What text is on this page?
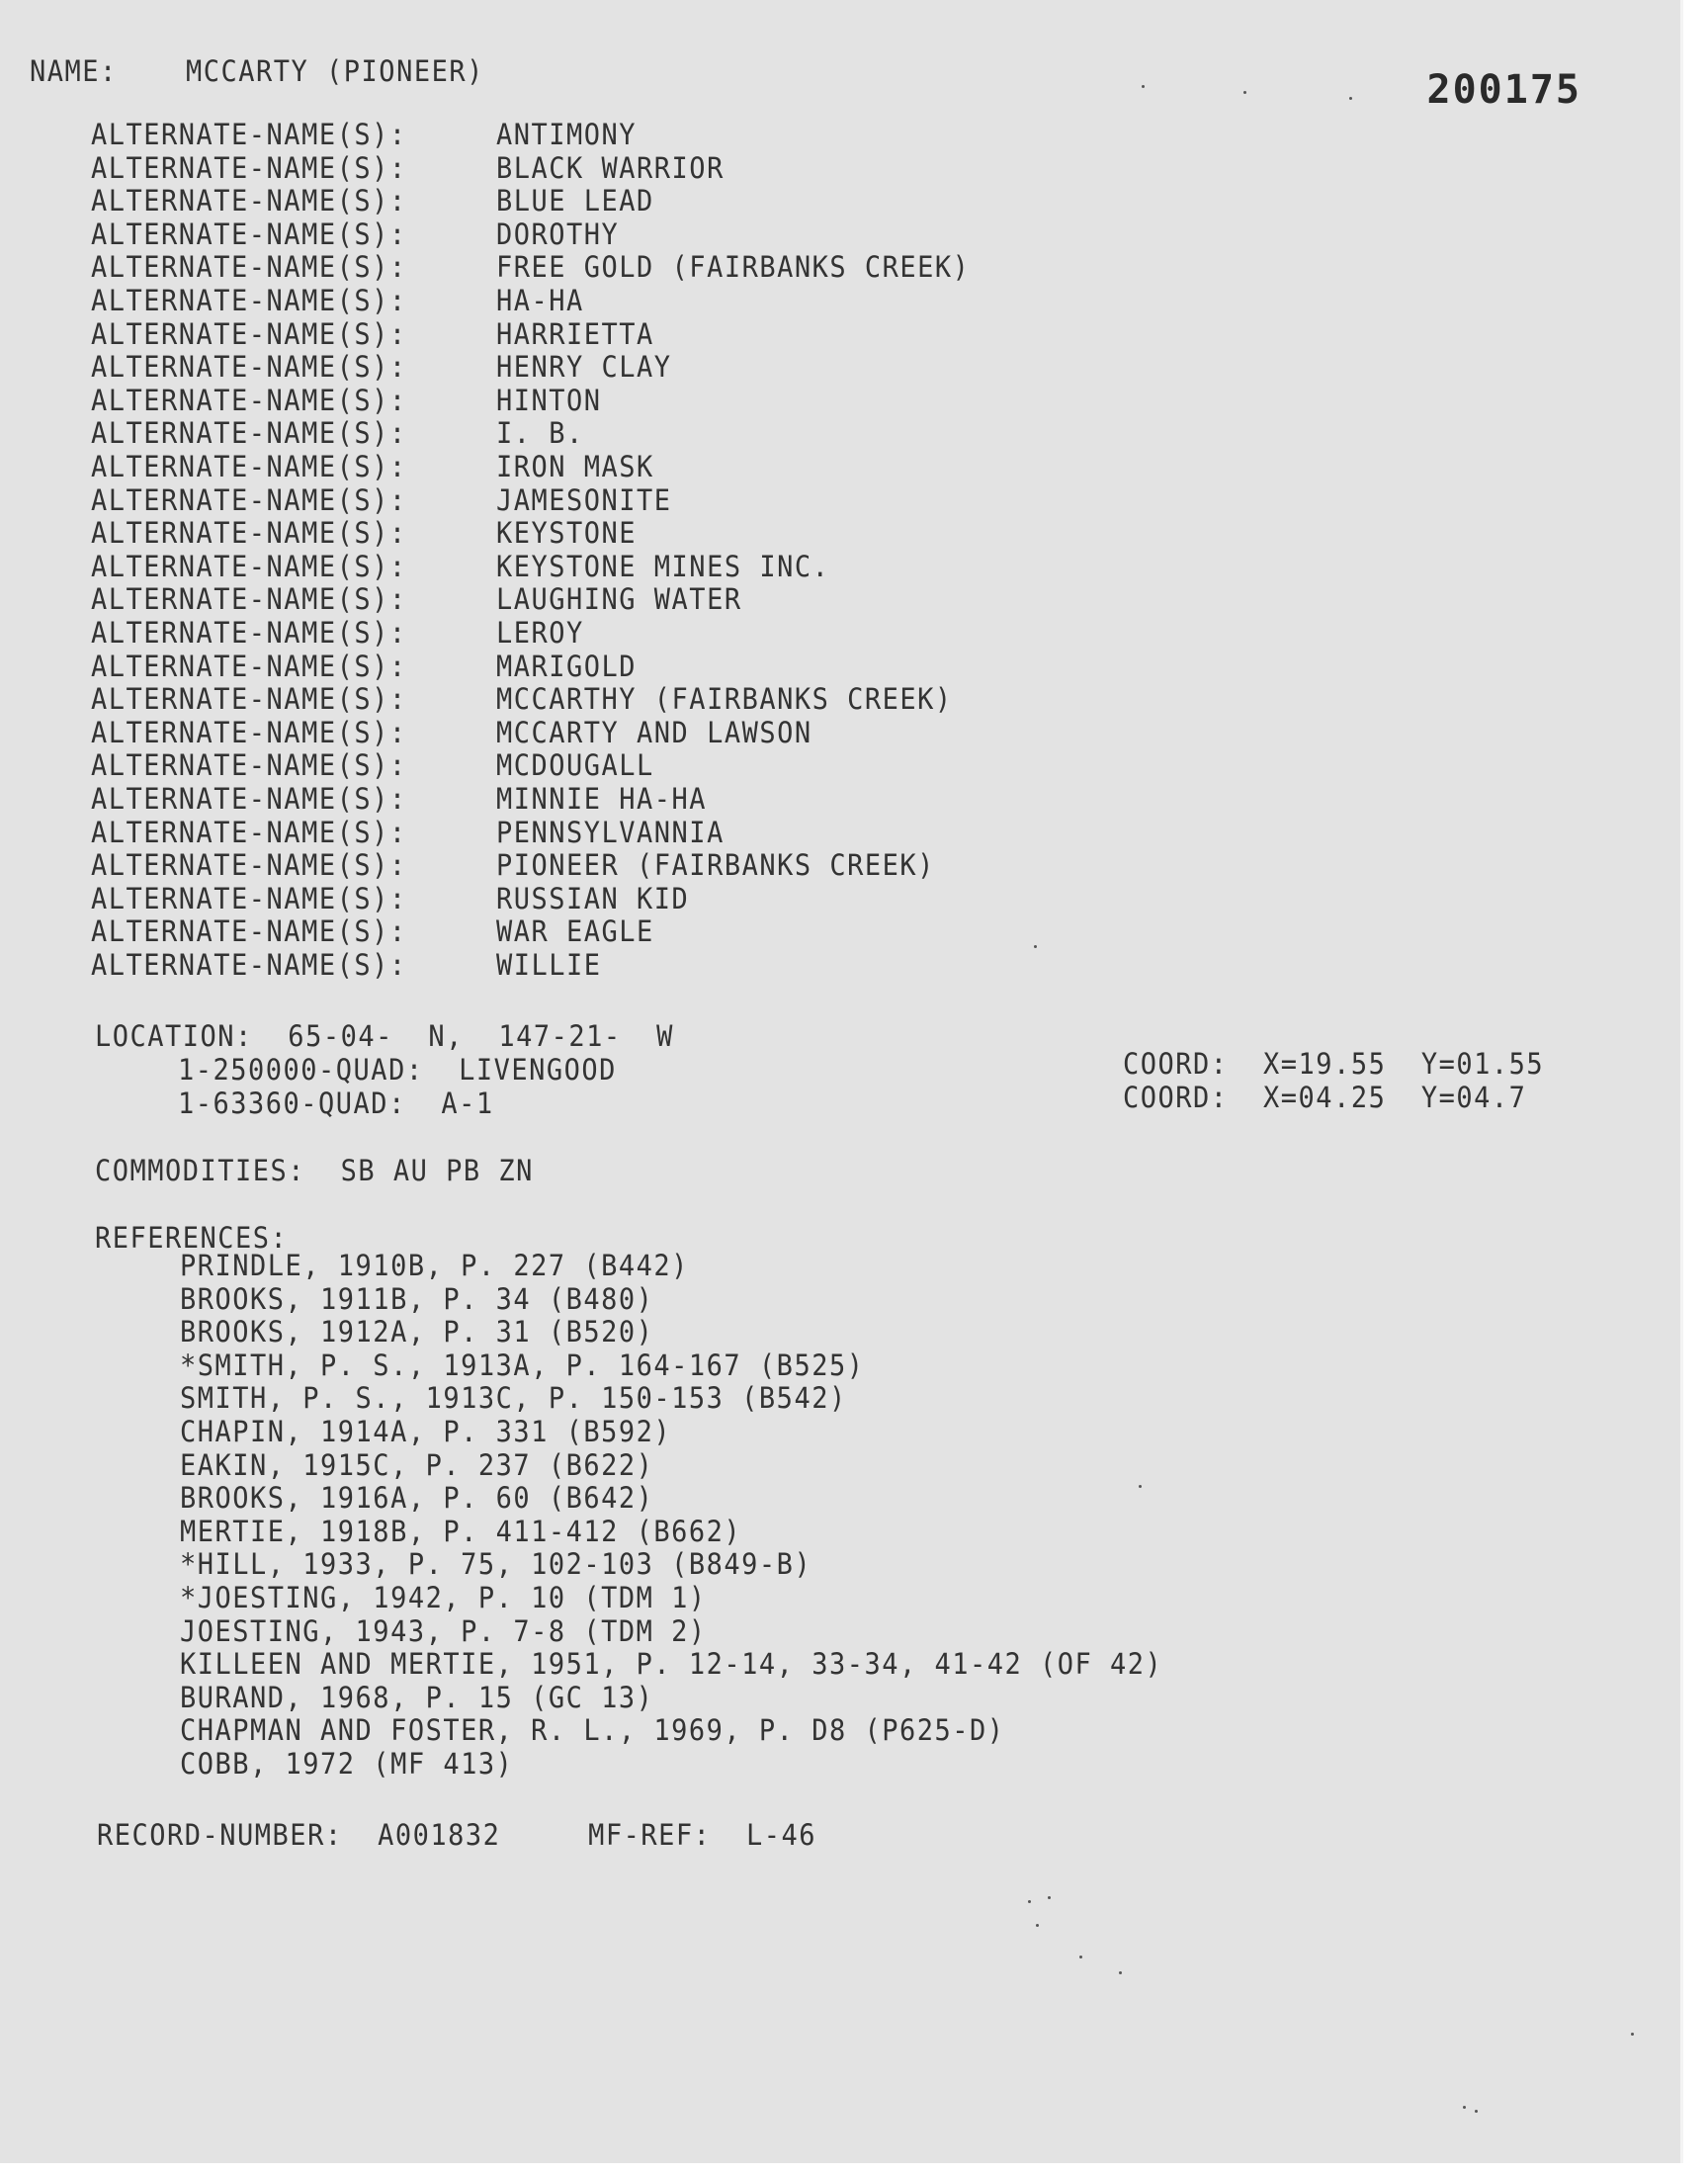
NAME:	MCCARTY (PIONEER)	200175
ALTERNATE-NAME(S):	ANTIMONY
ALTERNATE-NAME(S):	BLACK WARRIOR
ALTERNATE-NAME(S):	BLUE LEAD
ALTERNATE-NAME(S):	DOROTHY
ALTERNATE-NAME(S):	FREE GOLD (FAIRBANKS CREEK)
ALTERNATE-NAME(S):	HA-HA
ALTERNATE-NAME(S):	HARRIETTA
ALTERNATE-NAME(S):	HENRY CLAY
ALTERNATE-NAME(S):	HINTON
ALTERNATE-NAME(S):	I. B.
ALTERNATE-NAME(S):	IRON MASK
ALTERNATE-NAME(S):	JAMESONITE
ALTERNATE-NAME(S):	KEYSTONE
ALTERNATE-NAME(S):	KEYSTONE MINES INC.
ALTERNATE-NAME(S):	LAUGHING WATER
ALTERNATE-NAME(S):	LEROY
ALTERNATE-NAME(S):	MARIGOLD
ALTERNATE-NAME(S):	MCCARTHY (FAIRBANKS CREEK)
ALTERNATE-NAME(S):	MCCARTY AND LAWSON
ALTERNATE-NAME(S):	MCDOUGALL
ALTERNATE-NAME(S):	MINNIE HA-HA
ALTERNATE-NAME(S):	PENNSYLVANNIA
ALTERNATE-NAME(S):	PIONEER (FAIRBANKS CREEK)
ALTERNATE-NAME(S):	RUSSIAN KID
ALTERNATE-NAME(S):	WAR EAGLE
ALTERNATE-NAME(S):	WILLIE
LOCATION:  65-04-  N,  147-21-  W
1-250000-QUAD:  LIVENGOOD	COORD:  X=19.55  Y=01.55
1-63360-QUAD:  A-1	COORD:  X=04.25  Y=04.7
COMMODITIES:  SB AU PB ZN
REFERENCES:
PRINDLE, 1910B, P. 227 (B442)
BROOKS, 1911B, P. 34 (B480)
BROOKS, 1912A, P. 31 (B520)
*SMITH, P. S., 1913A, P. 164-167 (B525)
SMITH, P. S., 1913C, P. 150-153 (B542)
CHAPIN, 1914A, P. 331 (B592)
EAKIN, 1915C, P. 237 (B622)
BROOKS, 1916A, P. 60 (B642)
MERTIE, 1918B, P. 411-412 (B662)
*HILL, 1933, P. 75, 102-103 (B849-B)
*JOESTING, 1942, P. 10 (TDM 1)
JOESTING, 1943, P. 7-8 (TDM 2)
KILLEEN AND MERTIE, 1951, P. 12-14, 33-34, 41-42 (OF 42)
BURAND, 1968, P. 15 (GC 13)
CHAPMAN AND FOSTER, R. L., 1969, P. D8 (P625-D)
COBB, 1972 (MF 413)
RECORD-NUMBER:  A001832     MF-REF:  L-46
